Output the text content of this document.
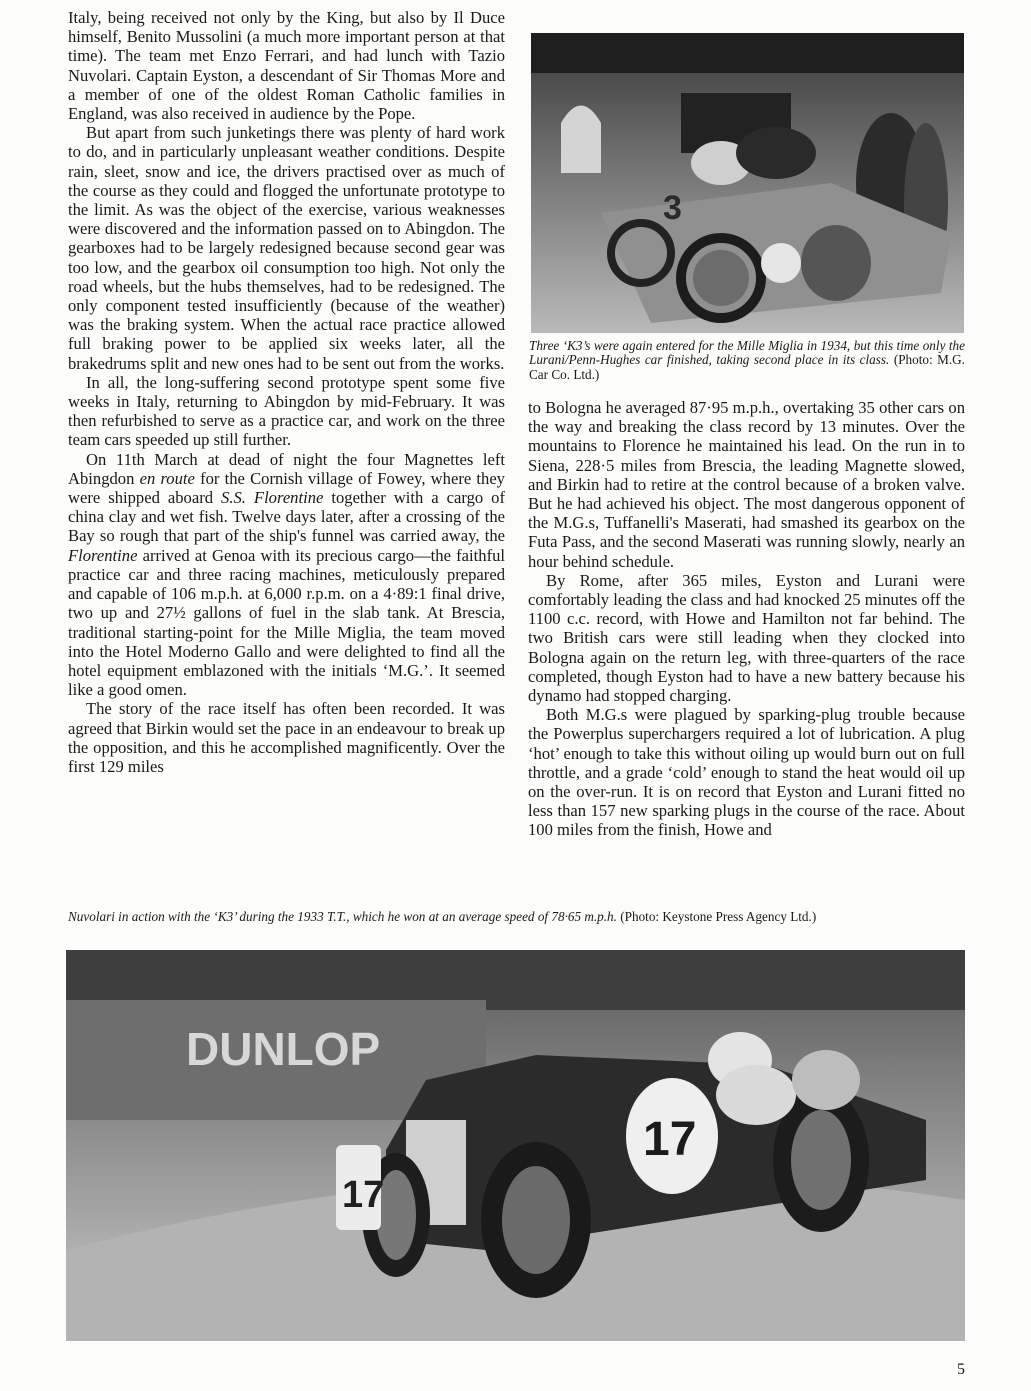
Italy, being received not only by the King, but also by Il Duce himself, Benito Mussolini (a much more important person at that time). The team met Enzo Ferrari, and had lunch with Tazio Nuvolari. Captain Eyston, a descendant of Sir Thomas More and a member of one of the oldest Roman Catholic families in England, was also received in audience by the Pope.

But apart from such junketings there was plenty of hard work to do, and in particularly unpleasant weather conditions. Despite rain, sleet, snow and ice, the drivers practised over as much of the course as they could and flogged the unfortunate prototype to the limit. As was the object of the exercise, various weaknesses were discovered and the information passed on to Abingdon. The gearboxes had to be largely redesigned because second gear was too low, and the gearbox oil consumption too high. Not only the road wheels, but the hubs themselves, had to be redesigned. The only component tested insufficiently (because of the weather) was the braking system. When the actual race practice allowed full braking power to be applied six weeks later, all the brakedrums split and new ones had to be sent out from the works.

In all, the long-suffering second prototype spent some five weeks in Italy, returning to Abingdon by mid-February. It was then refurbished to serve as a practice car, and work on the three team cars speeded up still further.

On 11th March at dead of night the four Magnettes left Abingdon en route for the Cornish village of Fowey, where they were shipped aboard S.S. Florentine together with a cargo of china clay and wet fish. Twelve days later, after a crossing of the Bay so rough that part of the ship's funnel was carried away, the Florentine arrived at Genoa with its precious cargo—the faithful practice car and three racing machines, meticulously prepared and capable of 106 m.p.h. at 6,000 r.p.m. on a 4·89:1 final drive, two up and 27½ gallons of fuel in the slab tank. At Brescia, traditional starting-point for the Mille Miglia, the team moved into the Hotel Moderno Gallo and were delighted to find all the hotel equipment emblazoned with the initials ‘M.G.’. It seemed like a good omen.

The story of the race itself has often been recorded. It was agreed that Birkin would set the pace in an endeavour to break up the opposition, and this he accomplished magnificently. Over the first 129 miles

3
Three ‘K3’s were again entered for the Mille Miglia in 1934, but this time only the Lurani/Penn-Hughes car finished, taking second place in its class. (Photo: M.G. Car Co. Ltd.)

to Bologna he averaged 87·95 m.p.h., overtaking 35 other cars on the way and breaking the class record by 13 minutes. Over the mountains to Florence he maintained his lead. On the run in to Siena, 228·5 miles from Brescia, the leading Magnette slowed, and Birkin had to retire at the control because of a broken valve. But he had achieved his object. The most dangerous opponent of the M.G.s, Tuffanelli's Maserati, had smashed its gearbox on the Futa Pass, and the second Maserati was running slowly, nearly an hour behind schedule.

By Rome, after 365 miles, Eyston and Lurani were comfortably leading the class and had knocked 25 minutes off the 1100 c.c. record, with Howe and Hamilton not far behind. The two British cars were still leading when they clocked into Bologna again on the return leg, with three-quarters of the race completed, though Eyston had to have a new battery because his dynamo had stopped charging.

Both M.G.s were plagued by sparking-plug trouble because the Powerplus superchargers required a lot of lubrication. A plug ‘hot’ enough to take this without oiling up would burn out on full throttle, and a grade ‘cold’ enough to stand the heat would oil up on the over-run. It is on record that Eyston and Lurani fitted no less than 157 new sparking plugs in the course of the race. About 100 miles from the finish, Howe and

Nuvolari in action with the ‘K3’ during the 1933 T.T., which he won at an average speed of 78·65 m.p.h. (Photo: Keystone Press Agency Ltd.)
DUNLOP
17
17
5
